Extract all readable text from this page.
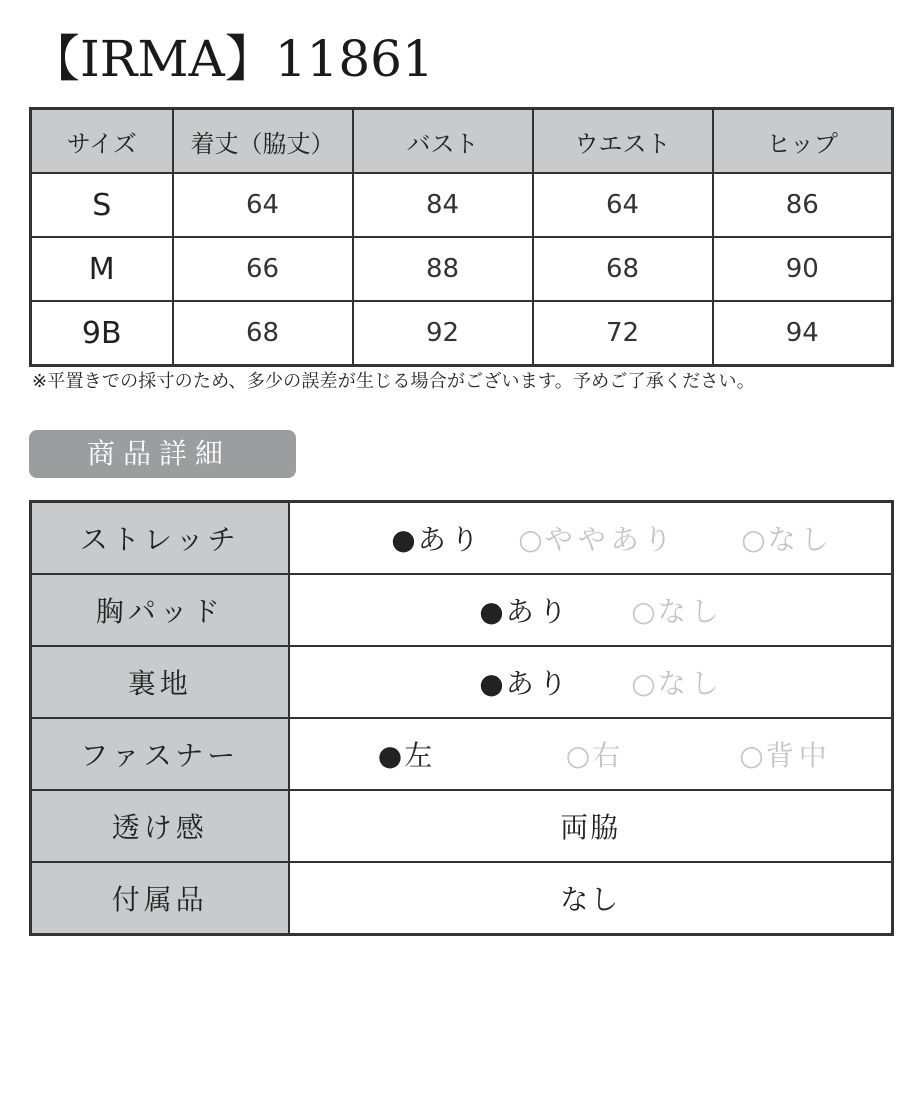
【IRMA】11861
サイズ	着丈（脇丈）	バスト	ウエスト	ヒップ
S	64	84	64	86
M	66	88	68	90
9B	68	92	72	94
※平置きでの採寸のため、多少の誤差が生じる場合がございます。予めご了承ください。
商品詳細
ストレッチ	●あり ○ややあり ○なし

胸パッド	●あり ○なし

裏地	●あり ○なし

ファスナー	●左 ○右 ○背中

透け感	両脇
付属品	なし
